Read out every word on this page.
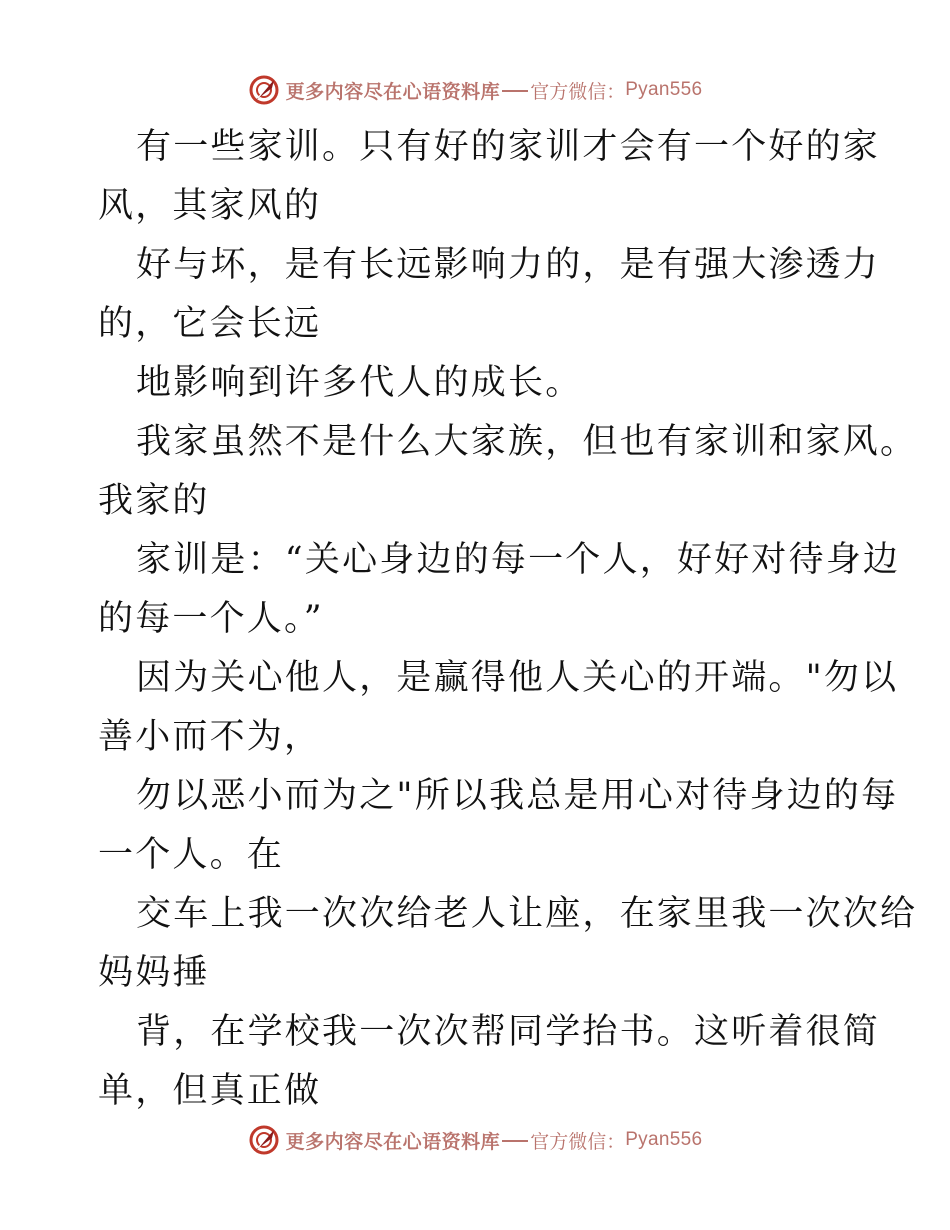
更多内容尽在心语资料库 官方微信： Pyan556
有一些家训。只有好的家训才会有一个好的家
风，其家风的
好与坏，是有长远影响力的，是有强大渗透力
的，它会长远
地影响到许多代人的成长。
我家虽然不是什么大家族，但也有家训和家风。
我家的
家训是：“关心身边的每一个人，好好对待身边
的每一个人。”
因为关心他人，是赢得他人关心的开端。"勿以
善小而不为，
勿以恶小而为之"所以我总是用心对待身边的每
一个人。在
交车上我一次次给老人让座，在家里我一次次给
妈妈捶
背，在学校我一次次帮同学抬书。这听着很简
单，但真正做
更多内容尽在心语资料库 官方微信： Pyan556
